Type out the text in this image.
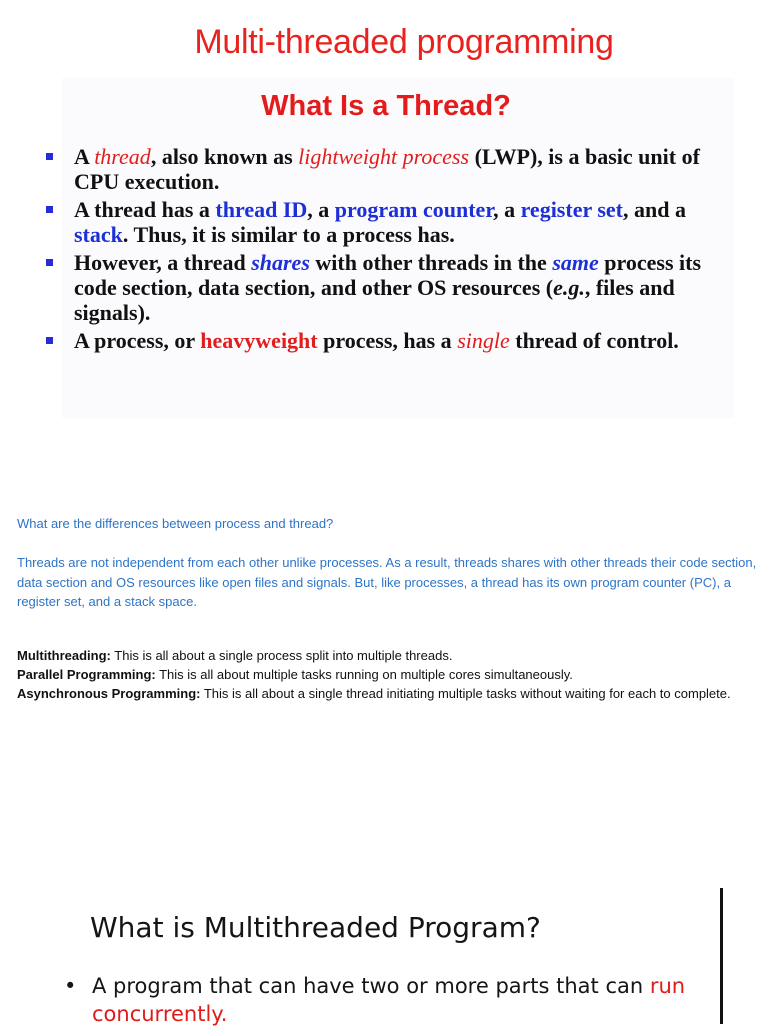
Multi-threaded programming
What Is a Thread?
A thread, also known as lightweight process (LWP), is a basic unit of CPU execution.
A thread has a thread ID, a program counter, a register set, and a stack. Thus, it is similar to a process has.
However, a thread shares with other threads in the same process its code section, data section, and other OS resources (e.g., files and signals).
A process, or heavyweight process, has a single thread of control.
What are the differences between process and thread?
Threads are not independent from each other unlike processes. As a result, threads shares with other threads their code section, data section and OS resources like open files and signals. But, like processes, a thread has its own program counter (PC), a register set, and a stack space.
Multithreading: This is all about a single process split into multiple threads.
Parallel Programming: This is all about multiple tasks running on multiple cores simultaneously.
Asynchronous Programming: This is all about a single thread initiating multiple tasks without waiting for each to complete.
What is Multithreaded Program?
• A program that can have two or more parts that can run concurrently.
